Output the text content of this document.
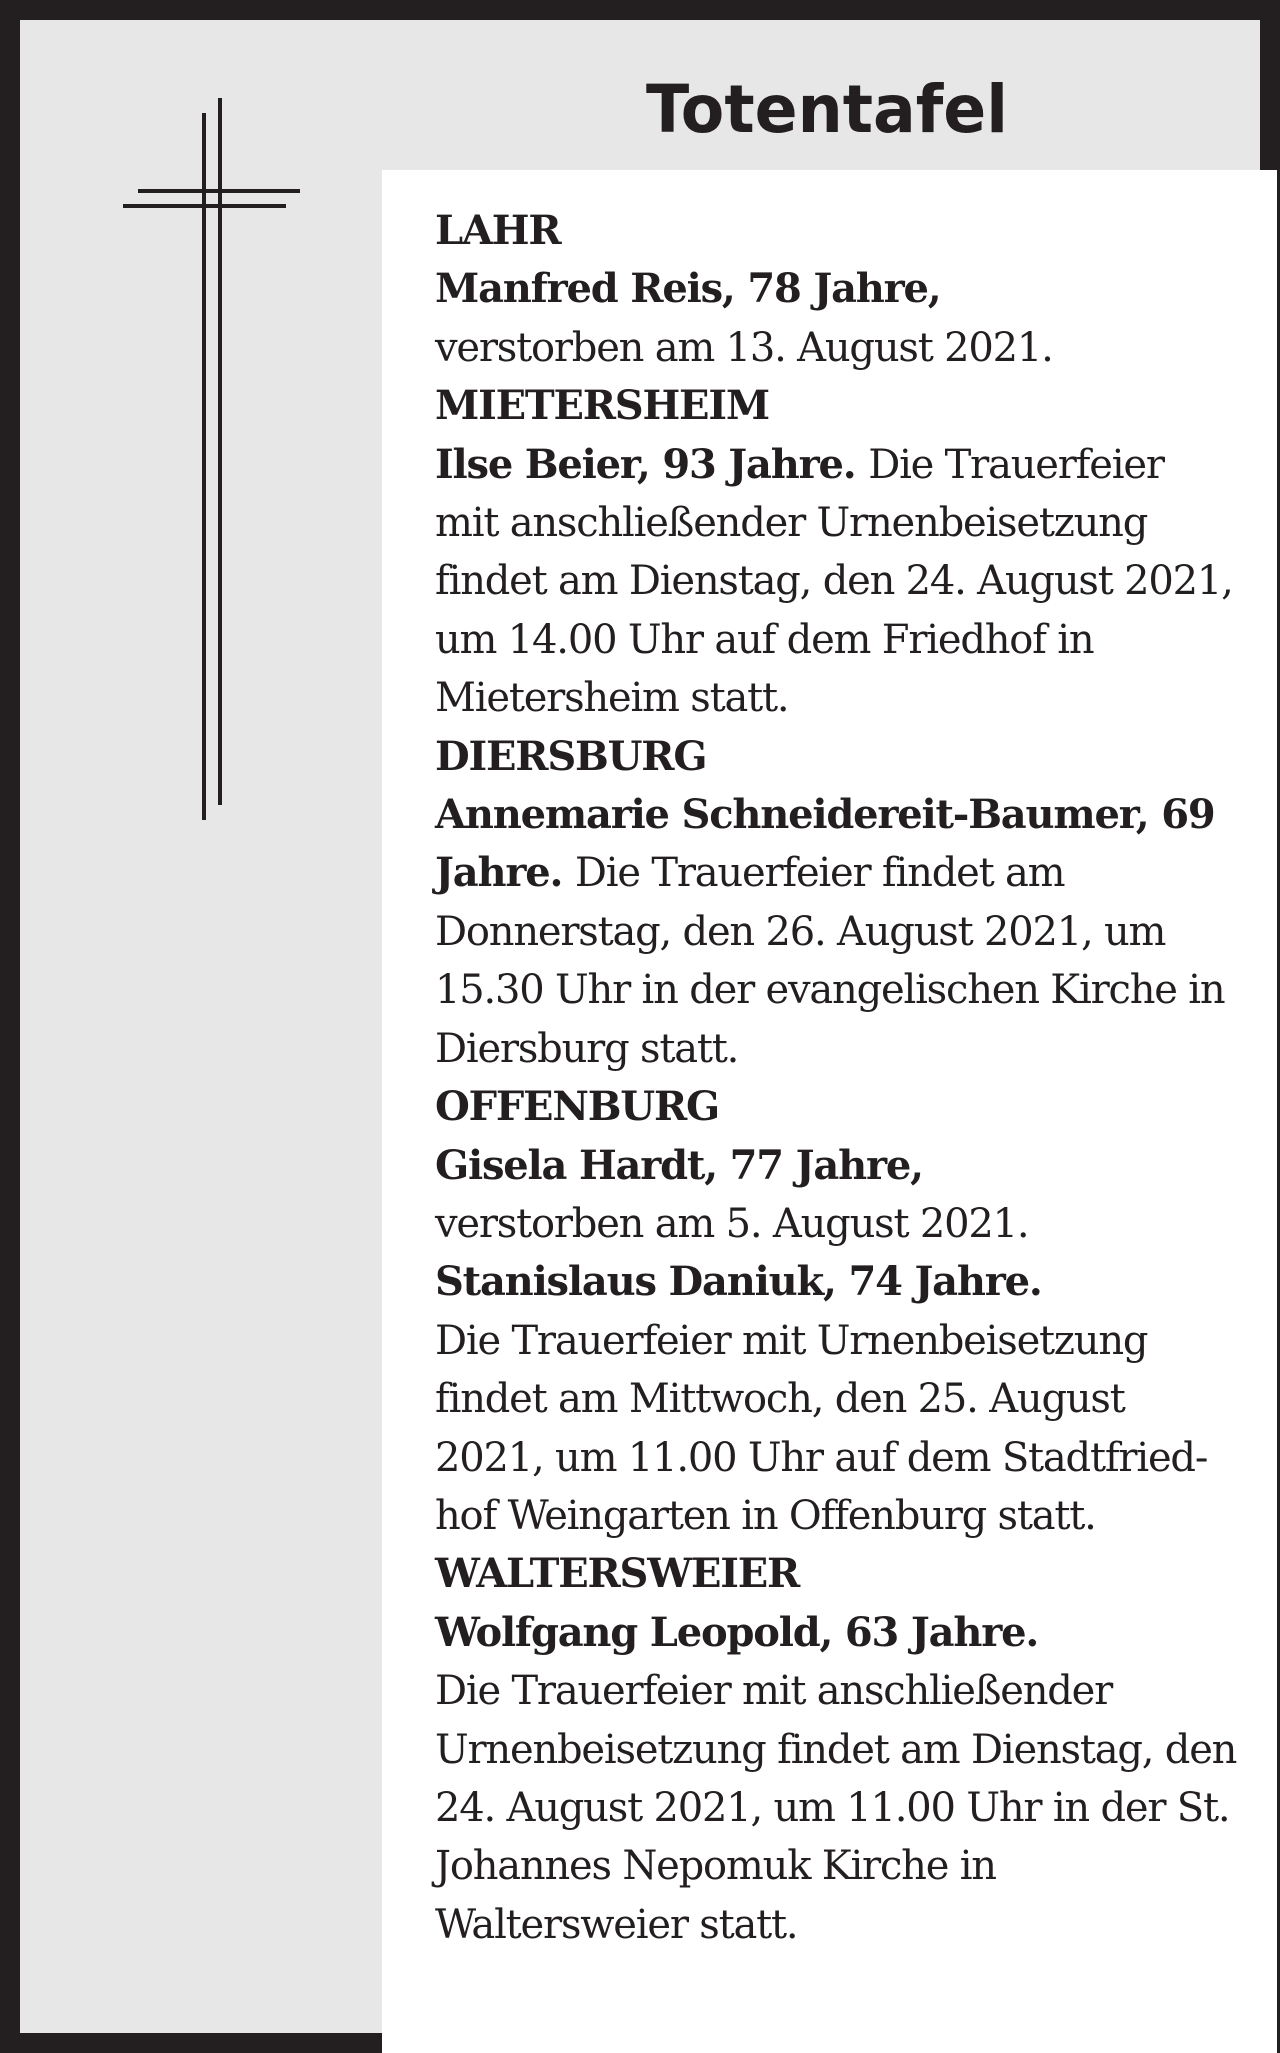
Totentafel
LAHR
Manfred Reis, 78 Jahre,
verstorben am 13. August 2021.
MIETERSHEIM
Ilse Beier, 93 Jahre. Die Trauerfeier mit anschließender Urnenbeisetzung findet am Dienstag, den 24. August 2021, um 14.00 Uhr auf dem Friedhof in Mietersheim statt.
DIERSBURG
Annemarie Schneidereit-Baumer, 69 Jahre. Die Trauerfeier findet am Donnerstag, den 26. August 2021, um 15.30 Uhr in der evangelischen Kirche in Diersburg statt.
OFFENBURG
Gisela Hardt, 77 Jahre,
verstorben am 5. August 2021.
Stanislaus Daniuk, 74 Jahre.
Die Trauerfeier mit Urnenbeisetzung findet am Mittwoch, den 25. August 2021, um 11.00 Uhr auf dem Stadtfried-hof Weingarten in Offenburg statt.
WALTERSWEIER
Wolfgang Leopold, 63 Jahre.
Die Trauerfeier mit anschließender Urnenbeisetzung findet am Dienstag, den 24. August 2021, um 11.00 Uhr in der St. Johannes Nepomuk Kirche in Waltersweier statt.
